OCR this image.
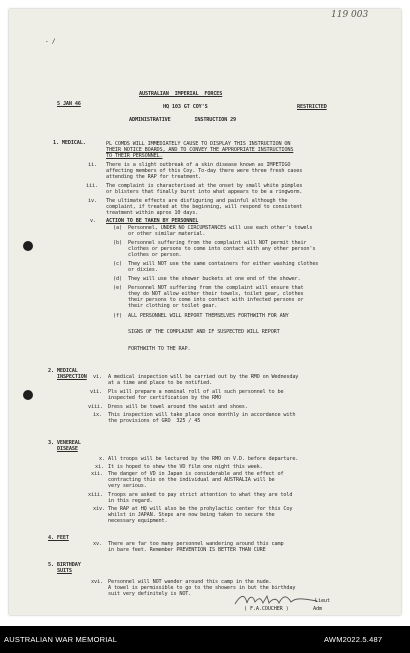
119 003
‐ /
AUSTRALIAN  IMPERIAL  FORCES
5 JAN 46	HQ 103 GT COY'S	RESTRICTED
ADMINISTRATIVE        INSTRUCTION 29
1. MEDICAL.	PL COMDS WILL IMMEDIATELY CAUSE TO DISPLAY THIS INSTRUCTION ON
THEIR NOTICE BOARDS, AND TO CONVEY THE APPROPRIATE INSTRUCTIONS
TO THEIR PERSONNEL.
ii. There is a slight outbreak of a skin disease known as IMPETIGO
affecting members of this Coy. To-day there were three fresh cases
attending the RAP for treatment.
iii. The complaint is characterised at the onset by small white pimples
or blisters that finally burst into what appears to be a ringworm.
iv. The ultimate effects are disfiguring and painful although the
complaint, if treated at the beginning, will respond to consistent
treatment within aprox 10 days.
v. ACTION TO BE TAKEN BY PERSONNEL
(a) Personnel, UNDER NO CIRCUMSTANCES will use each other's towels
or other similar material.
(b) Personnel suffering from the complaint will NOT permit their
clothes or persons to come into contact with any other person's
clothes or person.
(c) They will NOT use the same containers for either washing clothes
or dixies.
(d) They will use the shower buckets at one end of the shower.
(e) Personnel NOT suffering from the complaint will ensure that
they do NOT allow either their towels, toilet gear, clothes
their persons to come into contact with infected persons or
their clothing or toilet gear.
(f) ALL PERSONNEL WILL REPORT THEMSELVES FORTHWITH FOR ANY
SIGNS OF THE COMPLAINT AND IF SUSPECTED WILL REPORT
FORTHWITH TO THE RAP.
2. MEDICAL
INSPECTION vi. A medical inspection will be carried out by the RMO on Wednesday
at a time and place to be notified.
vii. Pls will prepare a nominal roll of all such personnel to be
inspected for certification by the RMO
viii. Dress will be towel around the waist and shoes.
ix. This inspection will take place once monthly in accordance with
the provisions of GRO  325 / 45
3. VENEREAL
DISEASE
x. All troops will be lectured by the RMO on V.D. before departure.
xi. It is hoped to shew the VD film one night this week.
xii. The danger of VD in Japan is considerable and the effect of
contracting this on the individual and AUSTRALIA will be
very serious.
xiii. Troops are asked to pay strict attention to what they are told
in this regard.
xiv. The RAP at HQ will also be the prohylactic center for this Coy
whilst in JAPAN. Steps are now being taken to secure the
necessary equipment.
4. FEET
xv. There are far too many personnel wandering around this camp
in bare feet. Remember PREVENTION IS BETTER THAN CURE
5. BIRTHDAY
SUITS
xvi. Personnel will NOT wander around this camp in the nude.
A towel is permissible to go to the showers in but the birthday
suit very definitely is NOT.
Lieut
( F.A.COUCHER )	Adm
AUSTRALIAN WAR MEMORIAL	AWM2022.5.487
